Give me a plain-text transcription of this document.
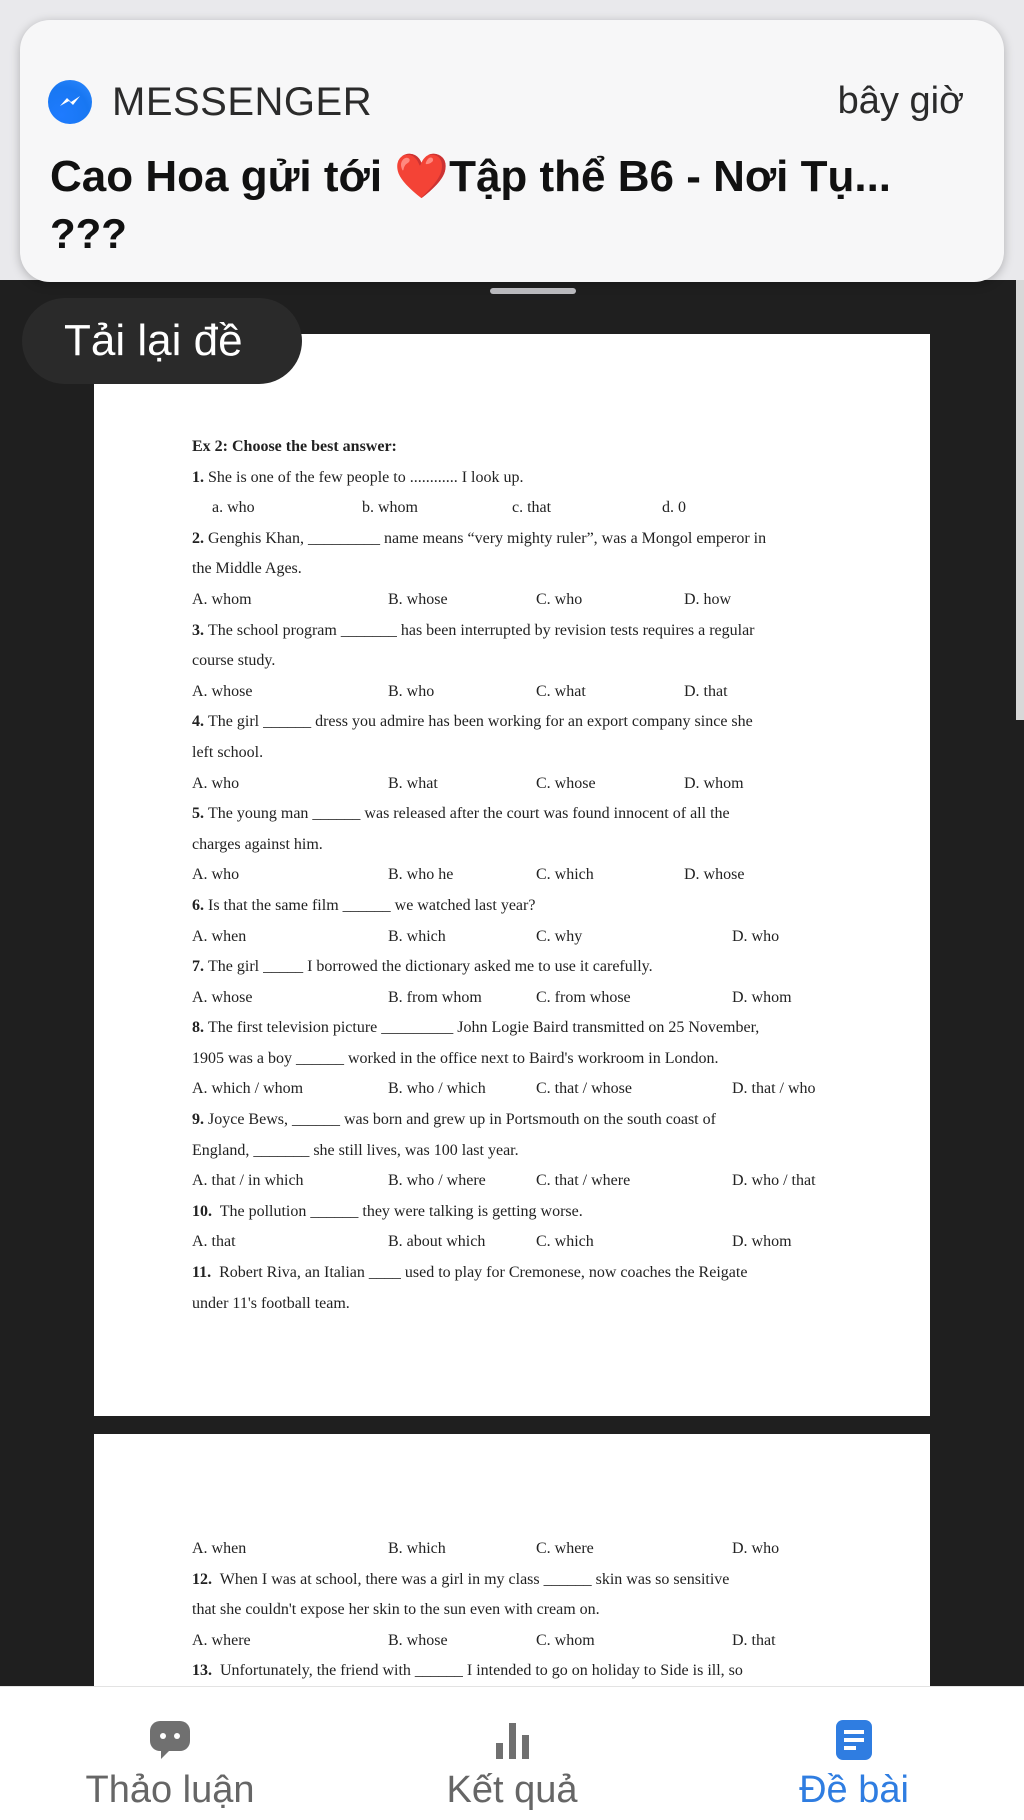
MESSENGER	bây giờ
Cao Hoa gửi tới ❤️Tập thể B6 - Nơi Tụ...
???
Tải lại đề
Ex 2: Choose the best answer:
1. She is one of the few people to ............ I look up.
a. who	b. whom	c. that	d. 0
2. Genghis Khan, _________ name means “very mighty ruler”, was a Mongol emperor in
the Middle Ages.
A. whom	B. whose	C. who	D. how
3. The school program _______ has been interrupted by revision tests requires a regular
course study.
A. whose	B. who	C. what	D. that
4. The girl ______ dress you admire has been working for an export company since she
left school.
A. who	B. what	C. whose	D. whom
5. The young man ______ was released after the court was found innocent of all the
charges against him.
A. who	B. who he	C. which	D. whose
6. Is that the same film ______ we watched last year?
A. when	B. which	C. why	D. who
7. The girl _____ I borrowed the dictionary asked me to use it carefully.
A. whose	B. from whom	C. from whose	D. whom
8. The first television picture _________ John Logie Baird transmitted on 25 November,
1905 was a boy ______ worked in the office next to Baird's workroom in London.
A. which / whom	B. who / which	C. that / whose	D. that / who
9. Joyce Bews, ______ was born and grew up in Portsmouth on the south coast of
England, _______ she still lives, was 100 last year.
A. that / in which	B. who / where	C. that / where	D. who / that
10. The pollution ______ they were talking is getting worse.
A. that	B. about which	C. which	D. whom
11. Robert Riva, an Italian ____ used to play for Cremonese, now coaches the Reigate
under 11's football team.
A. when	B. which	C. where	D. who
12. When I was at school, there was a girl in my class ______ skin was so sensitive
that she couldn't expose her skin to the sun even with cream on.
A. where	B. whose	C. whom	D. that
13. Unfortunately, the friend with ______ I intended to go on holiday to Side is ill, so
Thảo luận	Kết quả	Đề bài
